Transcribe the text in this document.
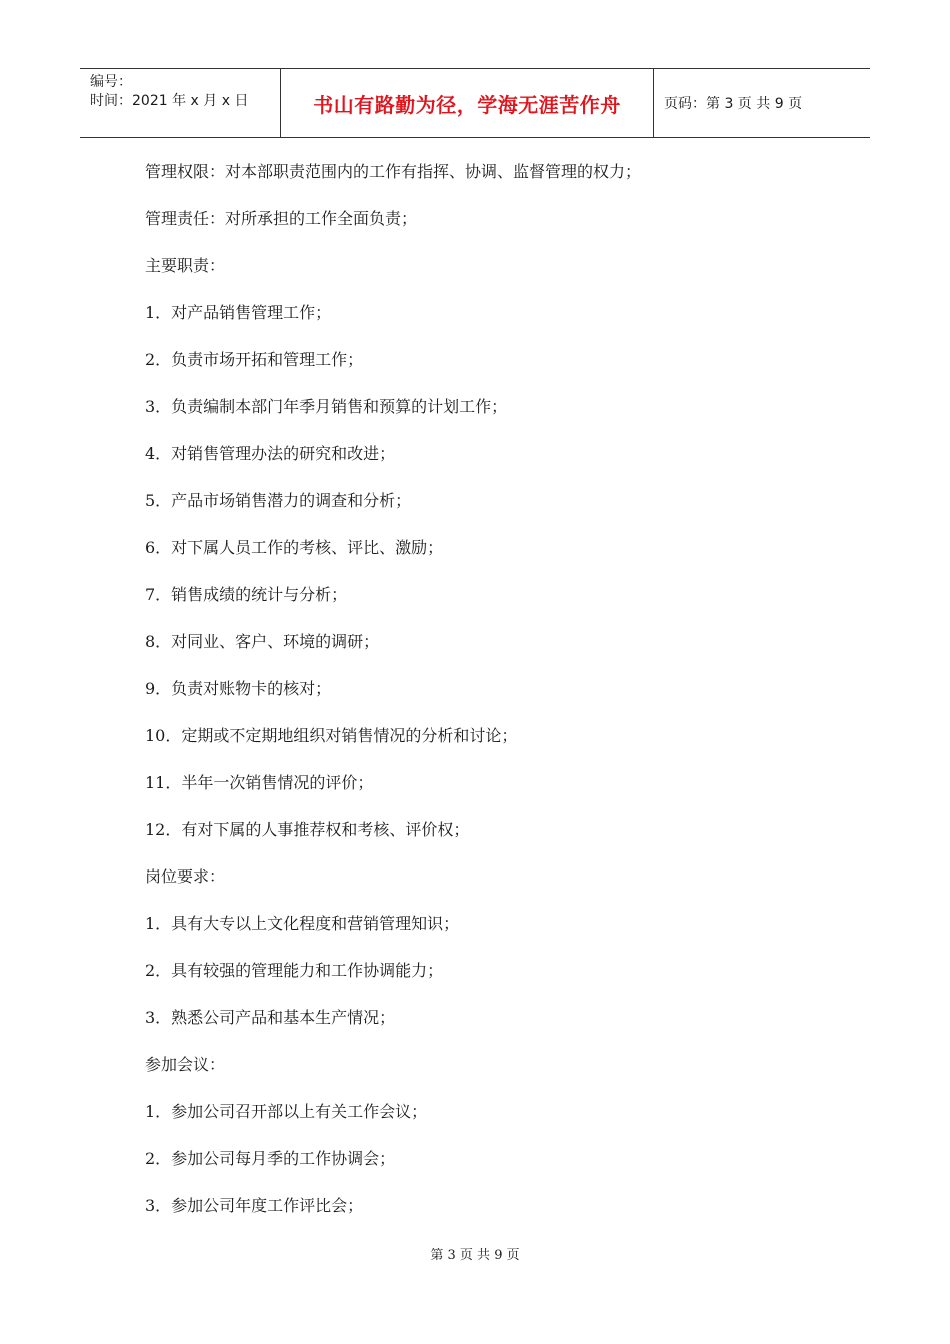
编号：
时间：2021 年 x 月 x 日	书山有路勤为径，学海无涯苦作舟	页码：第 3 页 共 9 页
管理权限：对本部职责范围内的工作有指挥、协调、监督管理的权力；
管理责任：对所承担的工作全面负责；
主要职责：
1．对产品销售管理工作；
2．负责市场开拓和管理工作；
3．负责编制本部门年季月销售和预算的计划工作；
4．对销售管理办法的研究和改进；
5．产品市场销售潜力的调查和分析；
6．对下属人员工作的考核、评比、激励；
7．销售成绩的统计与分析；
8．对同业、客户、环境的调研；
9．负责对账物卡的核对；
10．定期或不定期地组织对销售情况的分析和讨论；
11．半年一次销售情况的评价；
12．有对下属的人事推荐权和考核、评价权；
岗位要求：
1．具有大专以上文化程度和营销管理知识；
2．具有较强的管理能力和工作协调能力；
3．熟悉公司产品和基本生产情况；
参加会议：
1．参加公司召开部以上有关工作会议；
2．参加公司每月季的工作协调会；
3．参加公司年度工作评比会；
第 3 页 共 9 页
